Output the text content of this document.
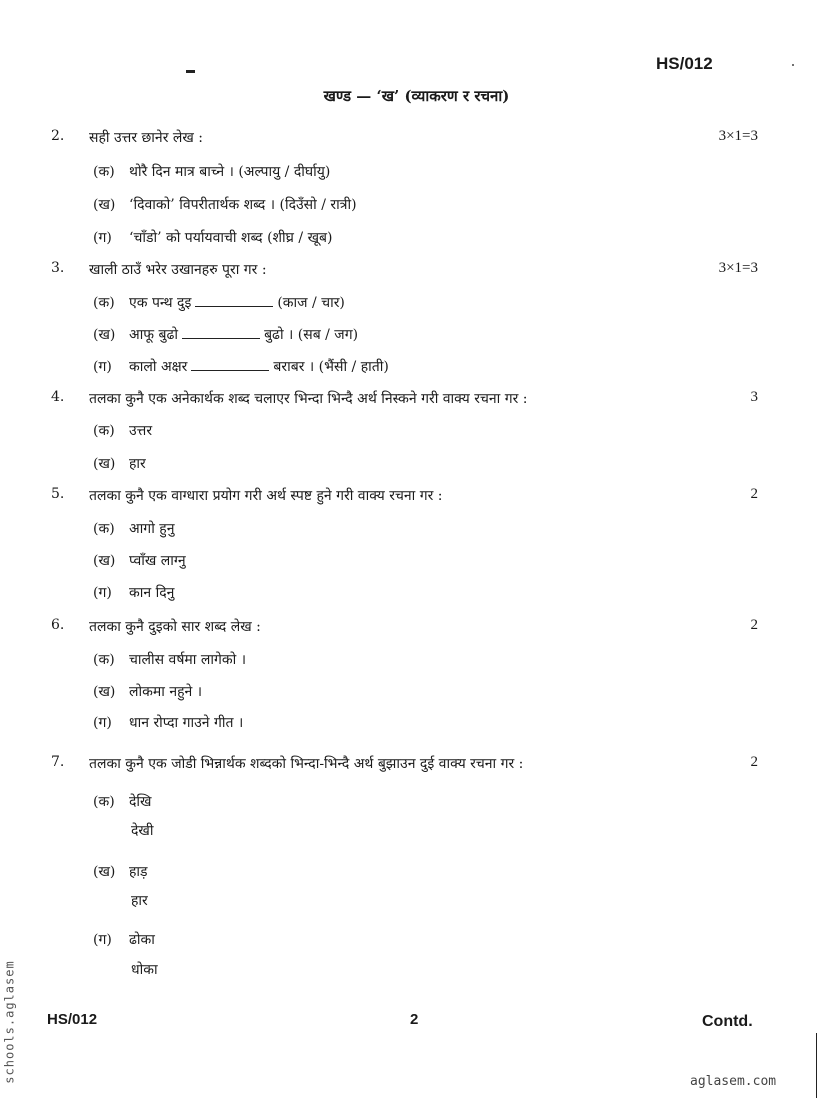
HS/012
खण्ड — ‘ख’ (व्याकरण र रचना)
2. सही उत्तर छानेर लेख :	3×1=3
(क) थोरै दिन मात्र बाच्ने । (अल्पायु / दीर्घायु)
(ख) ‘दिवाको’ विपरीतार्थक शब्द । (दिउँसो / रात्री)
(ग) ‘चाँडो’ को पर्यायवाची शब्द (शीघ्र / खूब)
3. खाली ठाउँ भरेर उखानहरु पूरा गर :	3×1=3
(क) एक पन्थ दुइ	(काज / चार)
(ख) आफू बुढो	बुढो । (सब / जग)
(ग) कालो अक्षर	बराबर । (भैंसी / हाती)
4. तलका कुनै एक अनेकार्थक शब्द चलाएर भिन्दा भिन्दै अर्थ निस्कने गरी वाक्य रचना गर :	3
(क) उत्तर
(ख) हार
5. तलका कुनै एक वाग्धारा प्रयोग गरी अर्थ स्पष्ट हुने गरी वाक्य रचना गर :	2
(क) आगो हुनु
(ख) प्वाँख लाग्नु
(ग) कान दिनु
6. तलका कुनै दुइको सार शब्द लेख :	2
(क) चालीस वर्षमा लागेको ।
(ख) लोकमा नहुने ।
(ग) धान रोप्दा गाउने गीत ।
7. तलका कुनै एक जोडी भिन्नार्थक शब्दको भिन्दा-भिन्दै अर्थ बुझाउन दुई वाक्य रचना गर :	2
(क) देखि
देखी
(ख) हाड़
हार
(ग) ढोका
धोका
HS/012	2	Contd.
schools.aglasem	aglasem.com
